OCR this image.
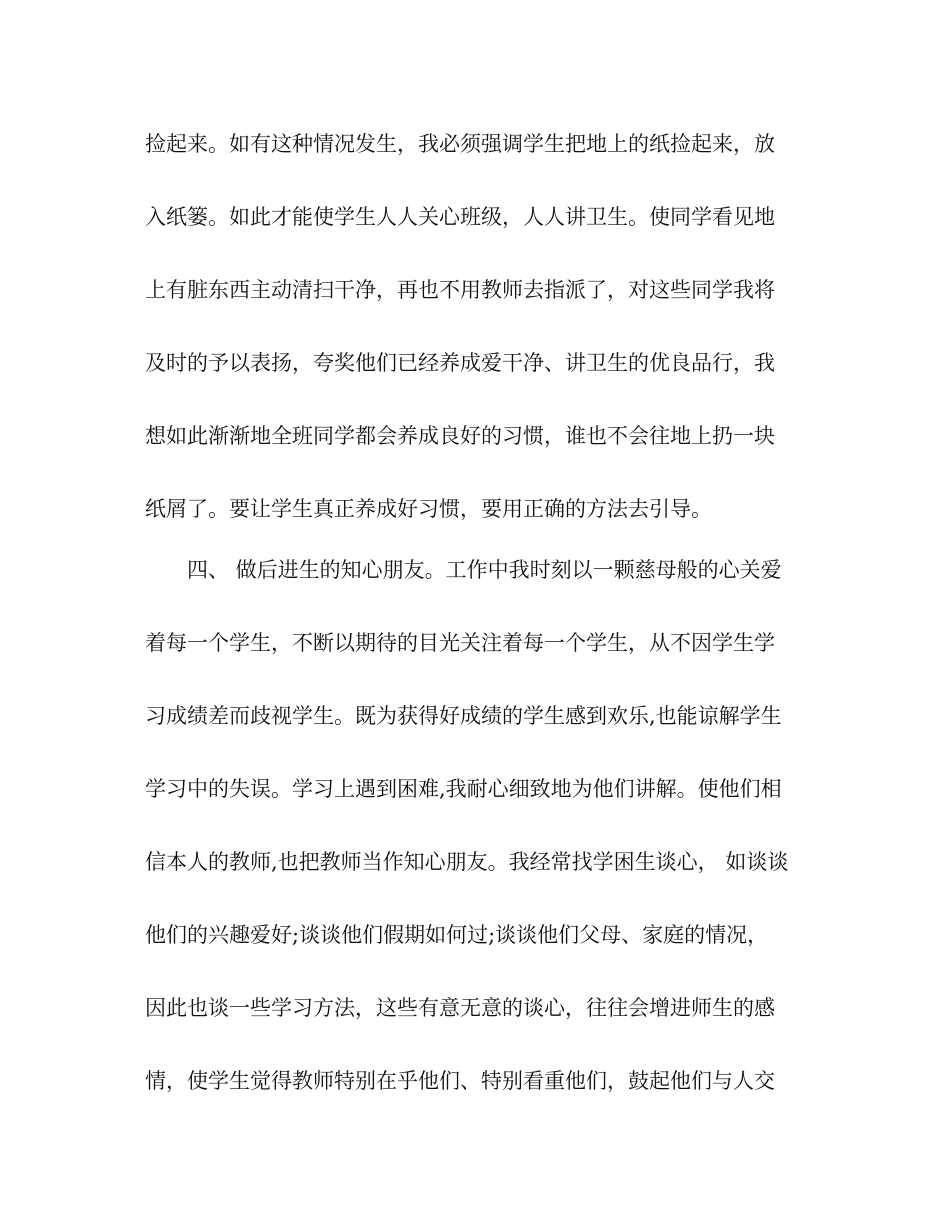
捡起来。如有这种情况发生，我必须强调学生把地上的纸捡起来，放
入纸篓。如此才能使学生人人关心班级，人人讲卫生。使同学看见地
上有脏东西主动清扫干净，再也不用教师去指派了，对这些同学我将
及时的予以表扬，夸奖他们已经养成爱干净、讲卫生的优良品行，我
想如此渐渐地全班同学都会养成良好的习惯，谁也不会往地上扔一块
纸屑了。要让学生真正养成好习惯，要用正确的方法去引导。
四、 做后进生的知心朋友。工作中我时刻以一颗慈母般的心关爱
着每一个学生，不断以期待的目光关注着每一个学生，从不因学生学
习成绩差而歧视学生。既为获得好成绩的学生感到欢乐,也能谅解学生
学习中的失误。学习上遇到困难,我耐心细致地为他们讲解。使他们相
信本人的教师,也把教师当作知心朋友。我经常找学困生谈心， 如谈谈
他们的兴趣爱好;谈谈他们假期如何过;谈谈他们父母、家庭的情况，
因此也谈一些学习方法，这些有意无意的谈心，往往会增进师生的感
情，使学生觉得教师特别在乎他们、特别看重他们，鼓起他们与人交
